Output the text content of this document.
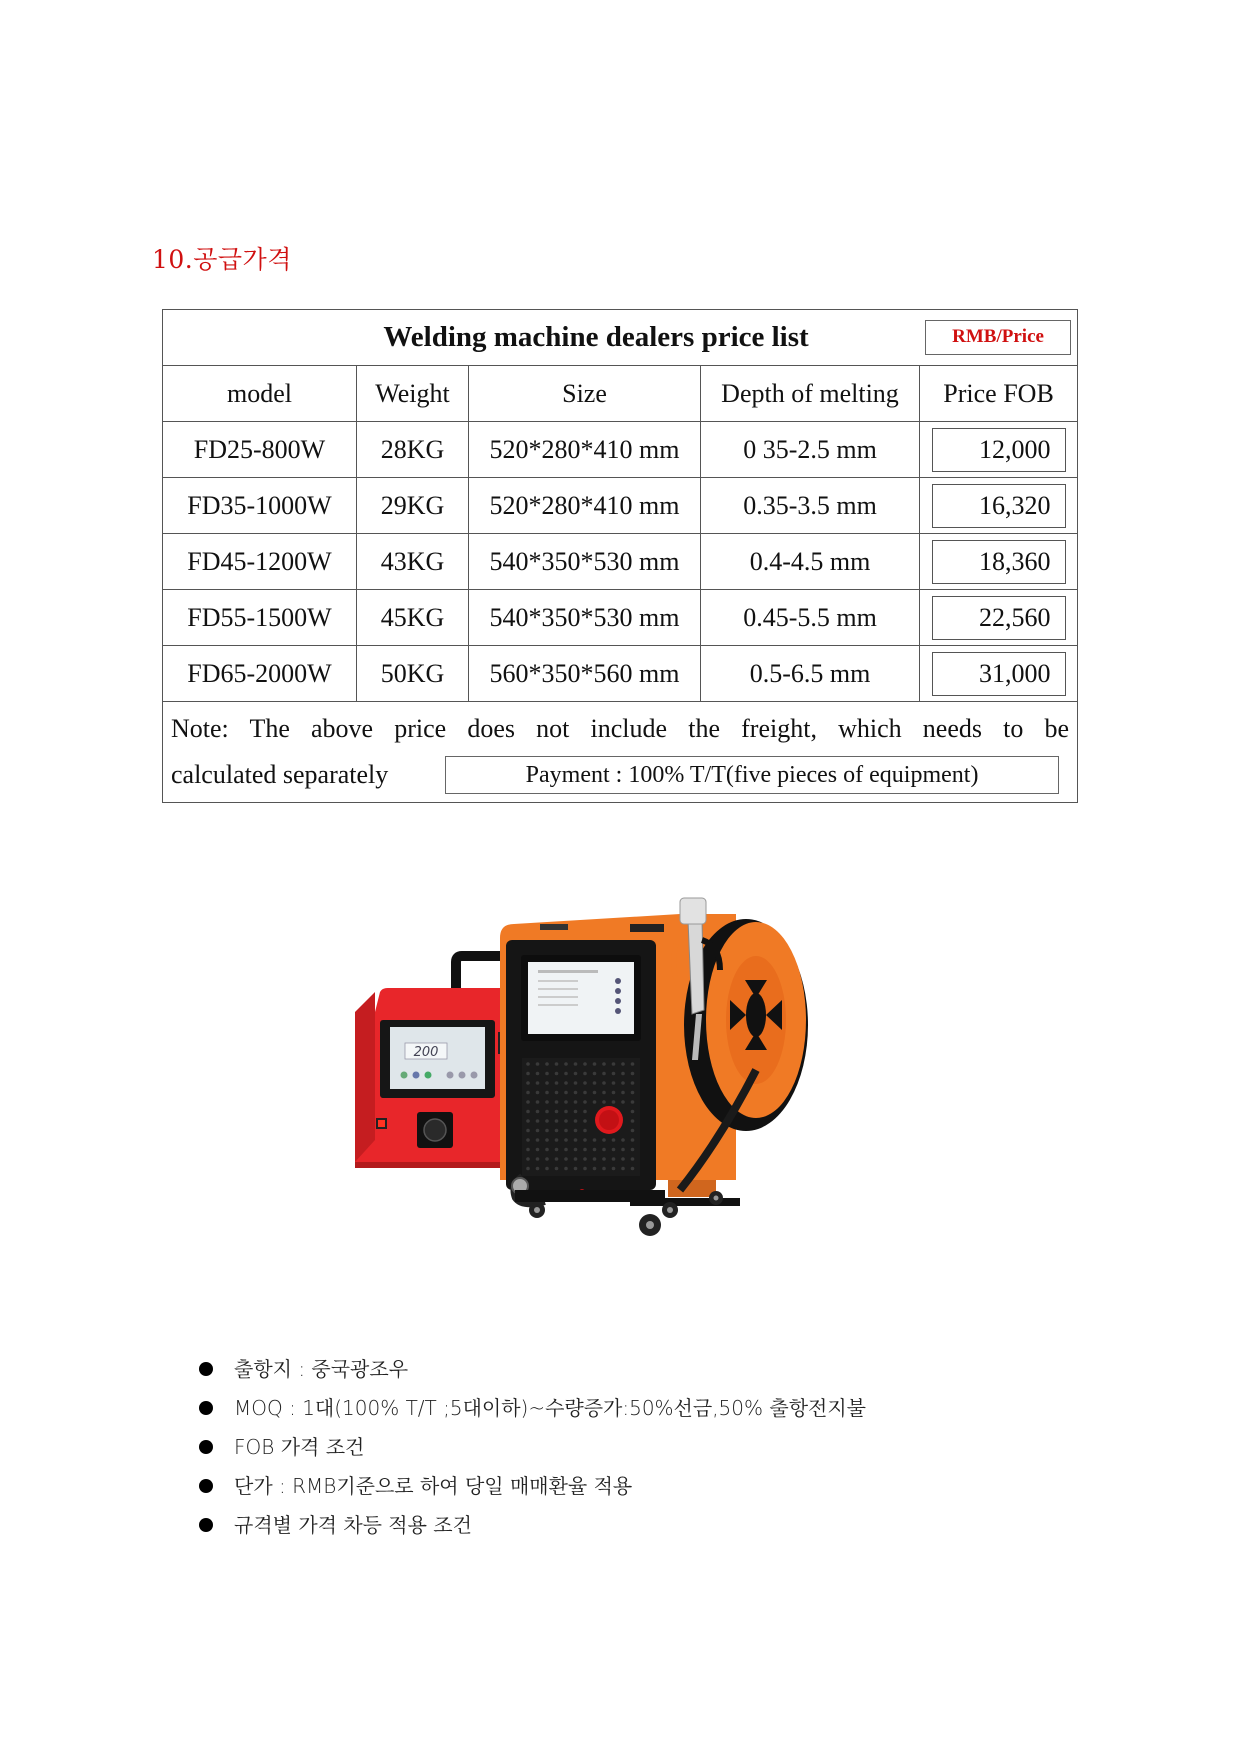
10.공급가격
Welding machine dealers price list RMB/Price				

model	Weight	Size	Depth of melting	Price FOB
FD25-800W	28KG	520*280*410 mm	0 35-2.5 mm	12,000
FD35-1000W	29KG	520*280*410 mm	0.35-3.5 mm	16,320
FD45-1200W	43KG	540*350*530 mm	0.4-4.5 mm	18,360
FD55-1500W	45KG	540*350*530 mm	0.45-5.5 mm	22,560
FD65-2000W	50KG	560*350*560 mm	0.5-6.5 mm	31,000

Note: The above price does not include the freight, which needs to be
calculated separately Payment : 100% T/T(five pieces of equipment)				
200
출항지 : 중국광조우
MOQ : 1대(100% T/T ;5대이하)~수량증가:50%선금,50% 출항전지불
FOB 가격 조건
단가 : RMB기준으로 하여 당일 매매환율 적용
규격별 가격 차등 적용 조건
